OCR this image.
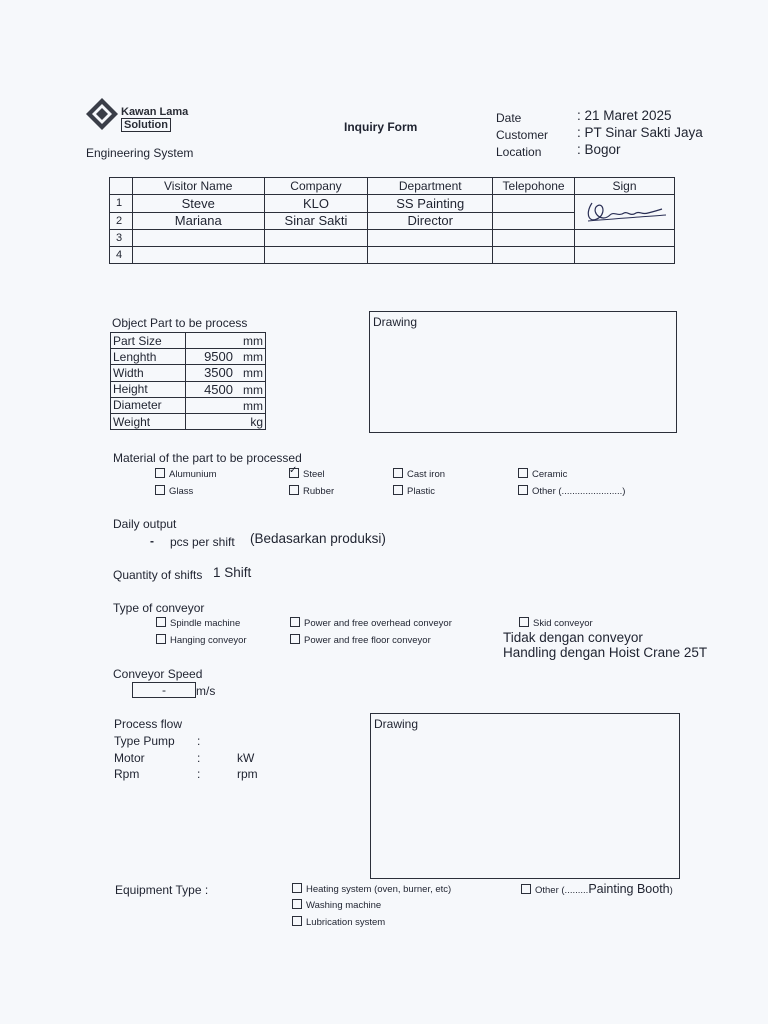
Kawan Lama
Solution
Engineering System
Inquiry Form
Date	: 21 Maret 2025
Customer : PT Sinar Sakti Jaya
Location	: Bogor
	Visitor Name	Company	Department	Telepohone	Sign
1	Steve	KLO	SS Painting		

2	Mariana	Sinar Sakti	Director		
3					
4					
Object Part to be process
Part Size	mm
Lenghth	9500 mm
Width	3500 mm
Height	4500 mm
Diameter	mm
Weight	kg
Drawing
Material of the part to be processed
Alumunium ✓	Steel	Cast iron	Ceramic
Glass	Rubber	Plastic	Other (.......................)
Daily output
- pcs per shift (Bedasarkan produksi)
Quantity of shifts 1 Shift
Type of conveyor
Spindle machine	Power and free overhead conveyor	Skid conveyor
Hanging conveyor	Power and free floor conveyor	Tidak dengan conveyor
Handling dengan Hoist Crane 25T
Conveyor Speed
-	m/s
Process flow
Type Pump :
Motor	:	kW
Rpm	:	rpm
Drawing
Equipment Type :	Heating system (oven, burner, etc)
Washing machine
Lubrication system
Other (.........Painting Booth)
